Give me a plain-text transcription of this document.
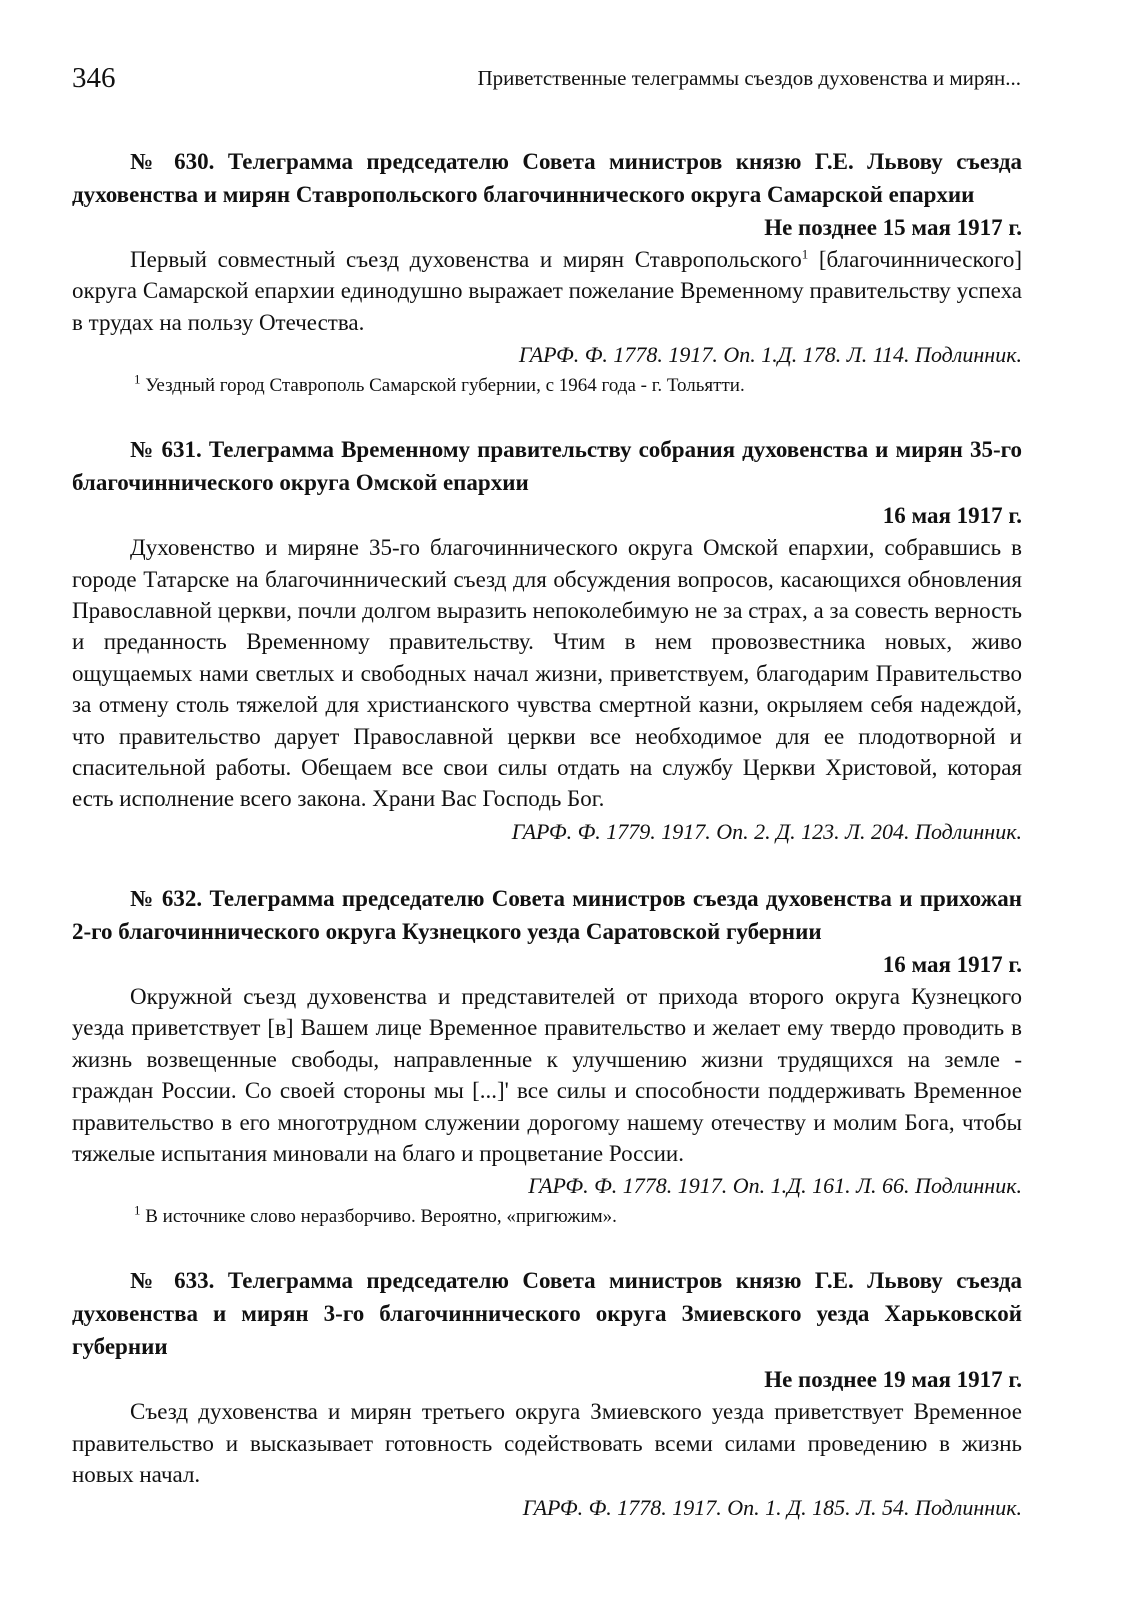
346	Приветственные телеграммы съездов духовенства и мирян...

№ 630. Телеграмма председателю Совета министров князю Г.Е. Львову съезда духовенства и мирян Ставропольского благочиннического округа Самарской епархии

Не позднее 15 мая 1917 г.

Первый совместный съезд духовенства и мирян Ставропольского$^1$ [благочиннического] округа Самарской епархии единодушно выражает пожелание Временному правительству успеха в трудах на пользу Отечества.

ГАРФ. Ф. 1778. 1917. Оп. 1.Д. 178. Л. 114. Подлинник.

$^1$ Уездный город Ставрополь Самарской губернии, с 1964 года - г. Тольятти.

№ 631. Телеграмма Временному правительству собрания духовенства и мирян 35-го благочиннического округа Омской епархии

16 мая 1917 г.

Духовенство и миряне 35-го благочиннического округа Омской епархии, собравшись в городе Татарске на благочиннический съезд для обсуждения вопросов, касающихся обновления Православной церкви, почли долгом выразить непоколебимую не за страх, а за совесть верность и преданность Временному правительству. Чтим в нем провозвестника новых, живо ощущаемых нами светлых и свободных начал жизни, приветствуем, благодарим Правительство за отмену столь тяжелой для христианского чувства смертной казни, окрыляем себя надеждой, что правительство дарует Православной церкви все необходимое для ее плодотворной и спасительной работы. Обещаем все свои силы отдать на службу Церкви Христовой, которая есть исполнение всего закона. Храни Вас Господь Бог.

ГАРФ. Ф. 1779. 1917. Оп. 2. Д. 123. Л. 204. Подлинник.

№ 632. Телеграмма председателю Совета министров съезда духовенства и прихожан 2-го благочиннического округа Кузнецкого уезда Саратовской губернии

16 мая 1917 г.

Окружной съезд духовенства и представителей от прихода второго округа Кузнецкого уезда приветствует [в] Вашем лице Временное правительство и желает ему твердо проводить в жизнь возвещенные свободы, направленные к улучшению жизни трудящихся на земле - граждан России. Со своей стороны мы [...]' все силы и способности поддерживать Временное правительство в его многотрудном служении дорогому нашему отечеству и молим Бога, чтобы тяжелые испытания миновали на благо и процветание России.

ГАРФ. Ф. 1778. 1917. Оп. 1.Д. 161. Л. 66. Подлинник.

$^1$ В источнике слово неразборчиво. Вероятно, «пригюжим».

№ 633. Телеграмма председателю Совета министров князю Г.Е. Львову съезда духовенства и мирян 3-го благочиннического округа Змиевского уезда Харьковской губернии

Не позднее 19 мая 1917 г.

Съезд духовенства и мирян третьего округа Змиевского уезда приветствует Временное правительство и высказывает готовность содействовать всеми силами проведению в жизнь новых начал.

ГАРФ. Ф. 1778. 1917. Оп. 1. Д. 185. Л. 54. Подлинник.
